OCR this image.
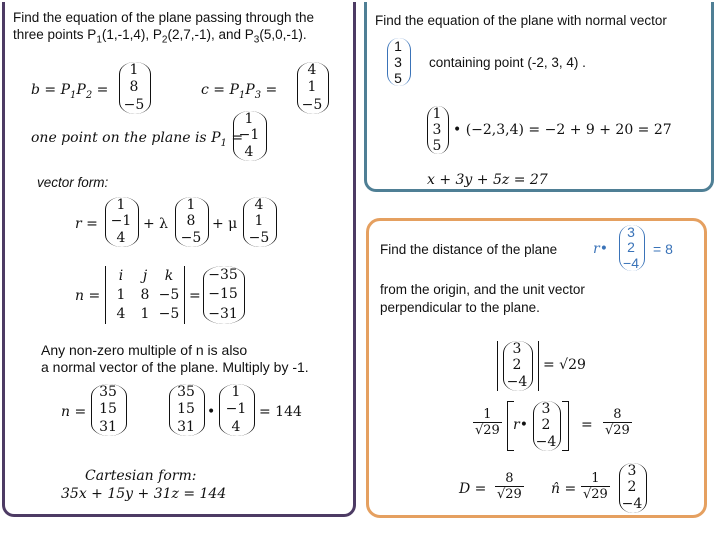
Find the equation of the plane passing through the
three points $P_1(1,-1,4)$, $P_2(2,7,-1)$, and $P_3(5,0,-1)$.
$b = P_1P_2$ =
1
8
−5
$c = P_1P_3$ =
4
1
−5
one point on the plane is $P_1$ =
1
−1
4
vector form:
r =
1
−1
4
+ λ
1
8
−5
+ μ
4
1
−5
n =
i j k
1 8 −5
4 1 −5
=
−35
−15
−31
Any non-zero multiple of n is also
a normal vector of the plane. Multiply by -1.
n =
35
15
31
35
15
31
•
1
−1
4
= 144
Cartesian form:
35x + 15y + 31z = 144
Find the equation of the plane with normal vector
1
3
5
containing point (-2, 3, 4) .
1
3
5
• (−2,3,4) = −2 + 9 + 20 = 27
x + 3y + 5z = 27
Find the distance of the plane	r•
3
2
−4
= 8
from the origin, and the unit vector
perpendicular to the plane.
3
2
−4
= √29
$\frac{1}{√29}$ r•
3
2
−4
= $\frac{8}{√29}$
$D = \frac{8}{√29}$ n̂ = $\frac{1}{√29}$
3
2
−4
